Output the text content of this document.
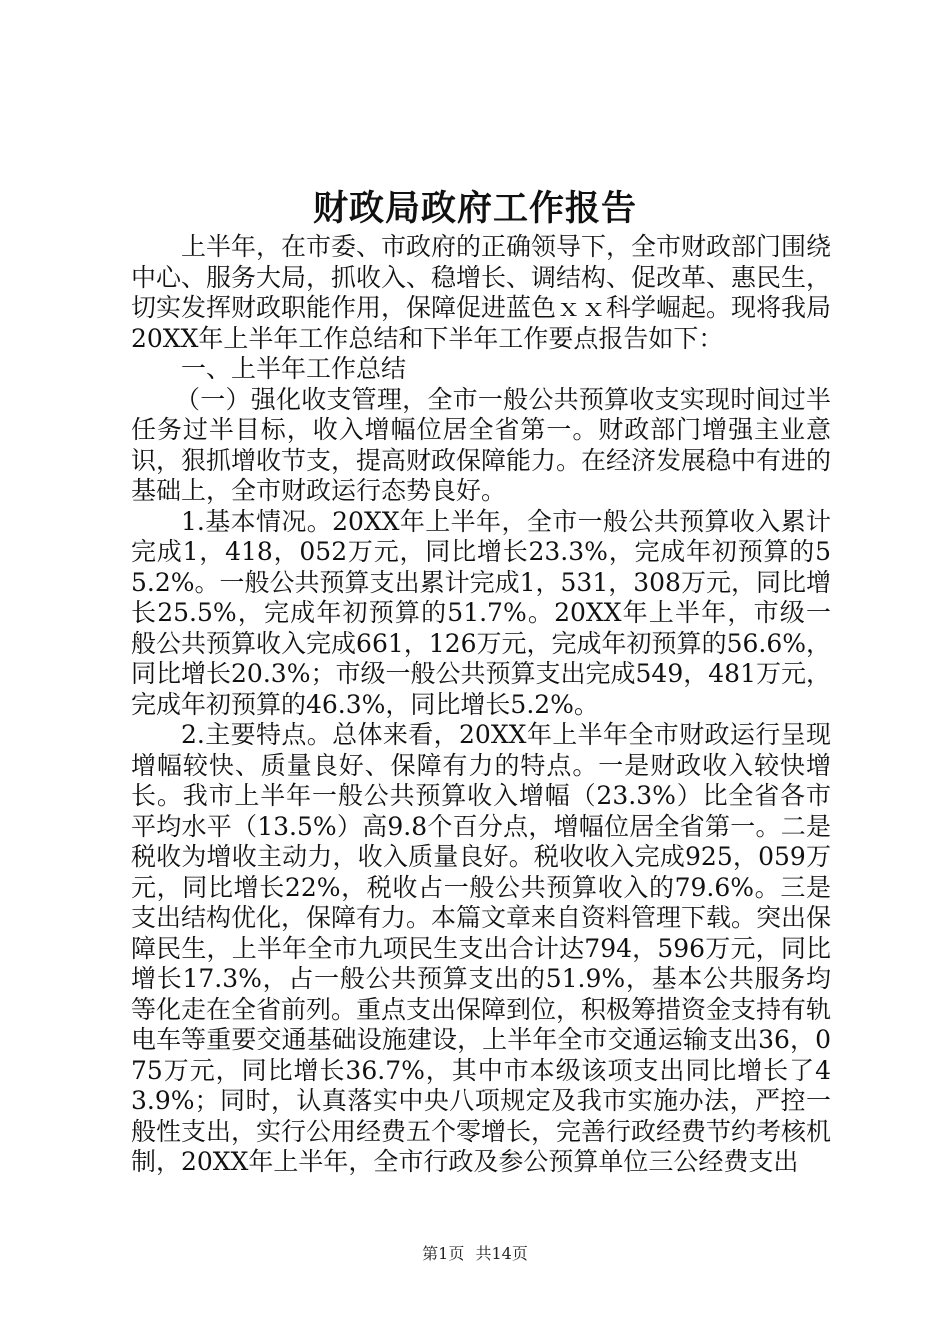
财政局政府工作报告

上半年，在市委、市政府的正确领导下，全市财政部门围绕中心、服务大局，抓收入、稳增长、调结构、促改革、惠民生，切实发挥财政职能作用，保障促进蓝色ｘｘ科学崛起。现将我局20XX年上半年工作总结和下半年工作要点报告如下：

一、上半年工作总结

（一）强化收支管理，全市一般公共预算收支实现时间过半任务过半目标，收入增幅位居全省第一。财政部门增强主业意识，狠抓增收节支，提高财政保障能力。在经济发展稳中有进的基础上，全市财政运行态势良好。

1.基本情况。20XX年上半年，全市一般公共预算收入累计完成1，418，052万元，同比增长23.3%，完成年初预算的55.2%。一般公共预算支出累计完成1，531，308万元，同比增长25.5%，完成年初预算的51.7%。20XX年上半年，市级一般公共预算收入完成661，126万元，完成年初预算的56.6%，同比增长20.3%；市级一般公共预算支出完成549，481万元，完成年初预算的46.3%，同比增长5.2%。

2.主要特点。总体来看，20XX年上半年全市财政运行呈现增幅较快、质量良好、保障有力的特点。一是财政收入较快增长。我市上半年一般公共预算收入增幅（23.3%）比全省各市平均水平（13.5%）高9.8个百分点，增幅位居全省第一。二是税收为增收主动力，收入质量良好。税收收入完成925，059万元，同比增长22%，税收占一般公共预算收入的79.6%。三是支出结构优化，保障有力。本篇文章来自资料管理下载。突出保障民生，上半年全市九项民生支出合计达794，596万元，同比增长17.3%，占一般公共预算支出的51.9%，基本公共服务均等化走在全省前列。重点支出保障到位，积极筹措资金支持有轨电车等重要交通基础设施建设，上半年全市交通运输支出36，075万元，同比增长36.7%，其中市本级该项支出同比增长了43.9%；同时，认真落实中央八项规定及我市实施办法，严控一般性支出，实行公用经费五个零增长，完善行政经费节约考核机制，20XX年上半年，全市行政及参公预算单位三公经费支出

第1页 共14页
